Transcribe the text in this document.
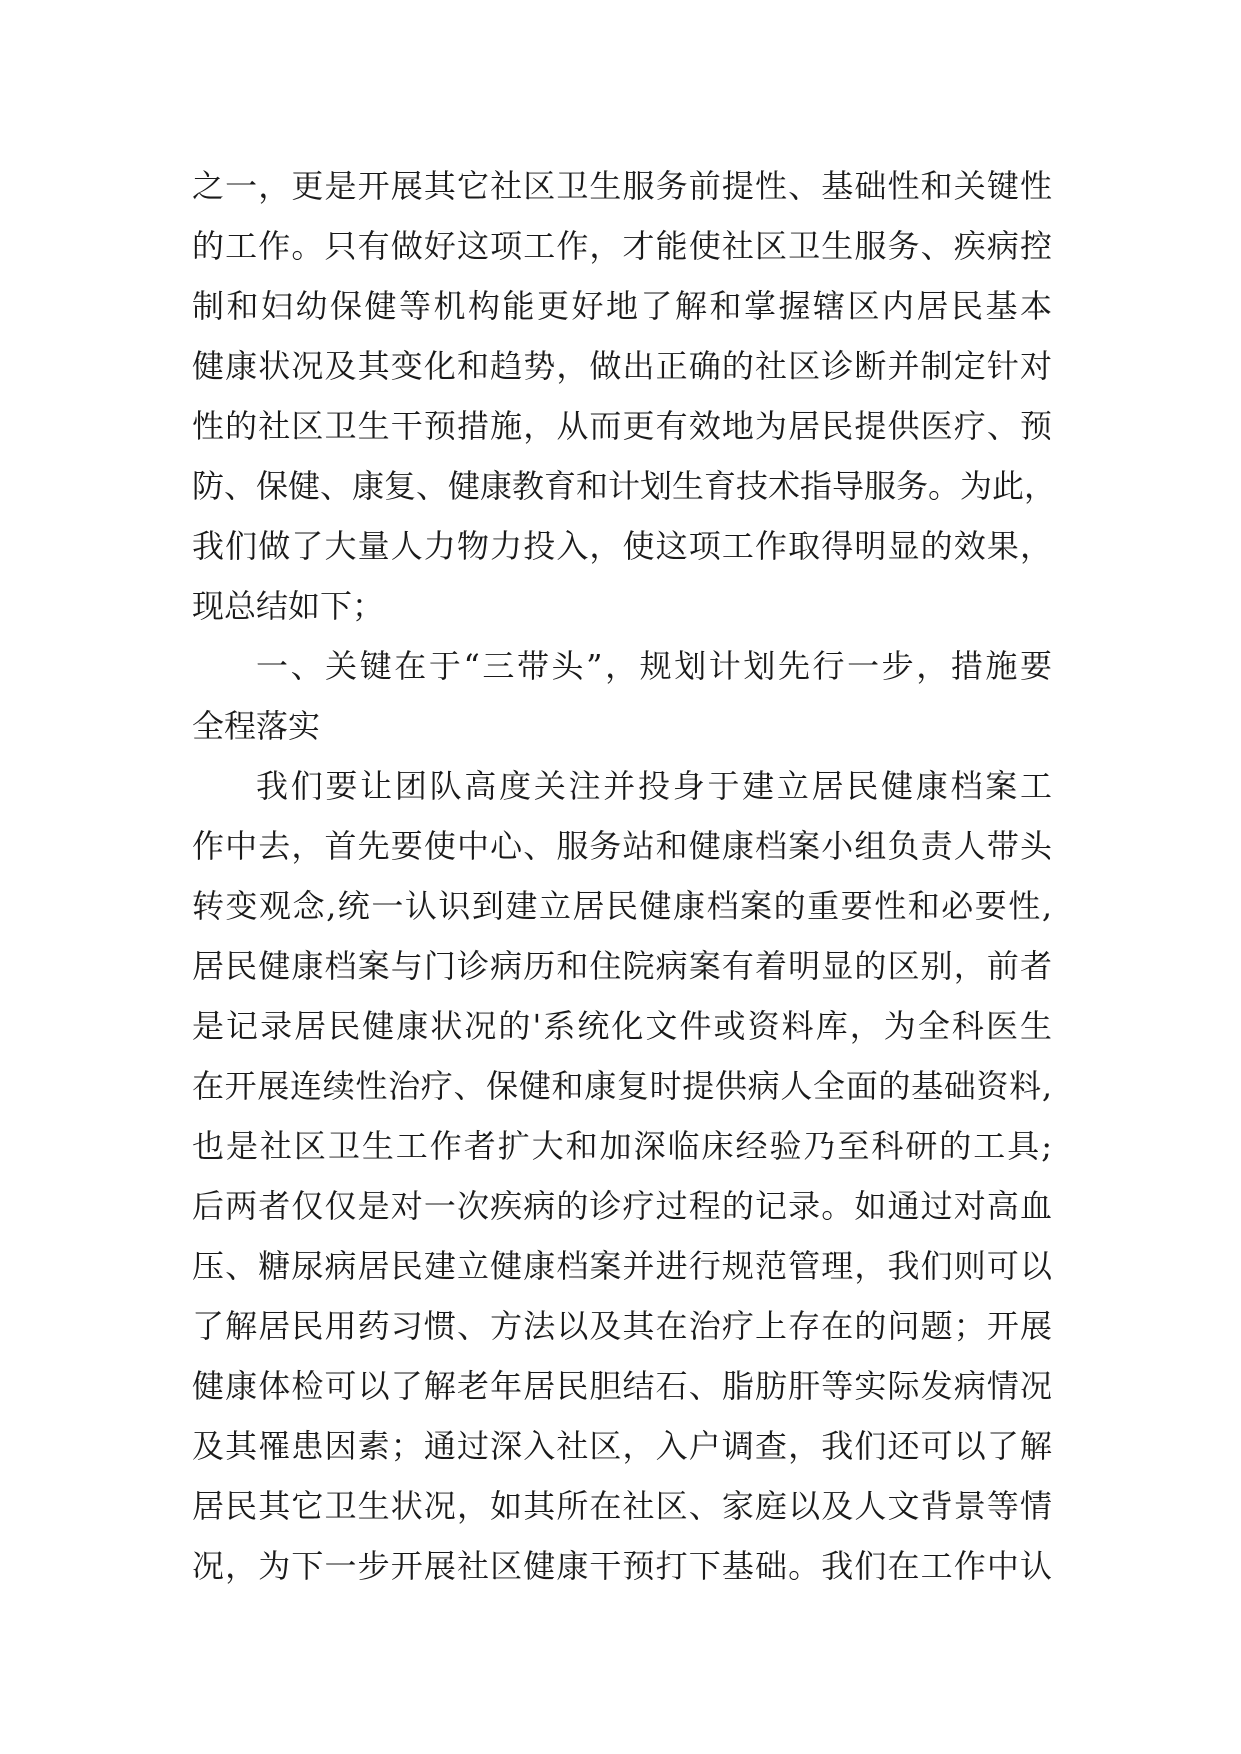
之一，更是开展其它社区卫生服务前提性、基础性和关键性
的工作。只有做好这项工作，才能使社区卫生服务、疾病控
制和妇幼保健等机构能更好地了解和掌握辖区内居民基本
健康状况及其变化和趋势，做出正确的社区诊断并制定针对
性的社区卫生干预措施，从而更有效地为居民提供医疗、预
防、保健、康复、健康教育和计划生育技术指导服务。为此，
我们做了大量人力物力投入，使这项工作取得明显的效果，
现总结如下；
一、关键在于“三带头”，规划计划先行一步，措施要
全程落实
我们要让团队高度关注并投身于建立居民健康档案工
作中去，首先要使中心、服务站和健康档案小组负责人带头
转变观念,统一认识到建立居民健康档案的重要性和必要性,
居民健康档案与门诊病历和住院病案有着明显的区别，前者
是记录居民健康状况的'系统化文件或资料库，为全科医生
在开展连续性治疗、保健和康复时提供病人全面的基础资料,
也是社区卫生工作者扩大和加深临床经验乃至科研的工具;
后两者仅仅是对一次疾病的诊疗过程的记录。如通过对高血
压、糖尿病居民建立健康档案并进行规范管理，我们则可以
了解居民用药习惯、方法以及其在治疗上存在的问题；开展
健康体检可以了解老年居民胆结石、脂肪肝等实际发病情况
及其罹患因素；通过深入社区，入户调查，我们还可以了解
居民其它卫生状况，如其所在社区、家庭以及人文背景等情
况，为下一步开展社区健康干预打下基础。我们在工作中认
